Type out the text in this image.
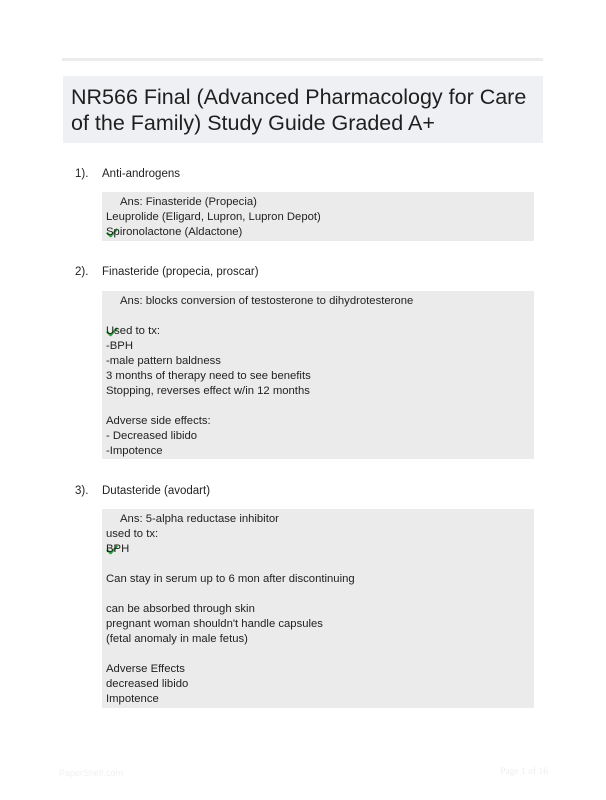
NR566 Final (Advanced Pharmacology for Care of the Family) Study Guide Graded A+
1). Anti-androgens

Ans: Finasteride (Propecia)
Leuprolide (Eligard, Lupron, Lupron Depot)
Spironolactone (Aldactone)
2). Finasteride (propecia, proscar)

Ans: blocks conversion of testosterone to dihydrotesterone
Used to tx:
-BPH
-male pattern baldness
3 months of therapy need to see benefits
Stopping, reverses effect w/in 12 months
Adverse side effects:
- Decreased libido
-Impotence
3). Dutasteride (avodart)

Ans: 5-alpha reductase inhibitor
used to tx:
BPH
Can stay in serum up to 6 mon after discontinuing
can be absorbed through skin
pregnant woman shouldn't handle capsules
(fetal anomaly in male fetus)
Adverse Effects
decreased libido
Impotence
PaperShelf.com	Page 1 of 16
